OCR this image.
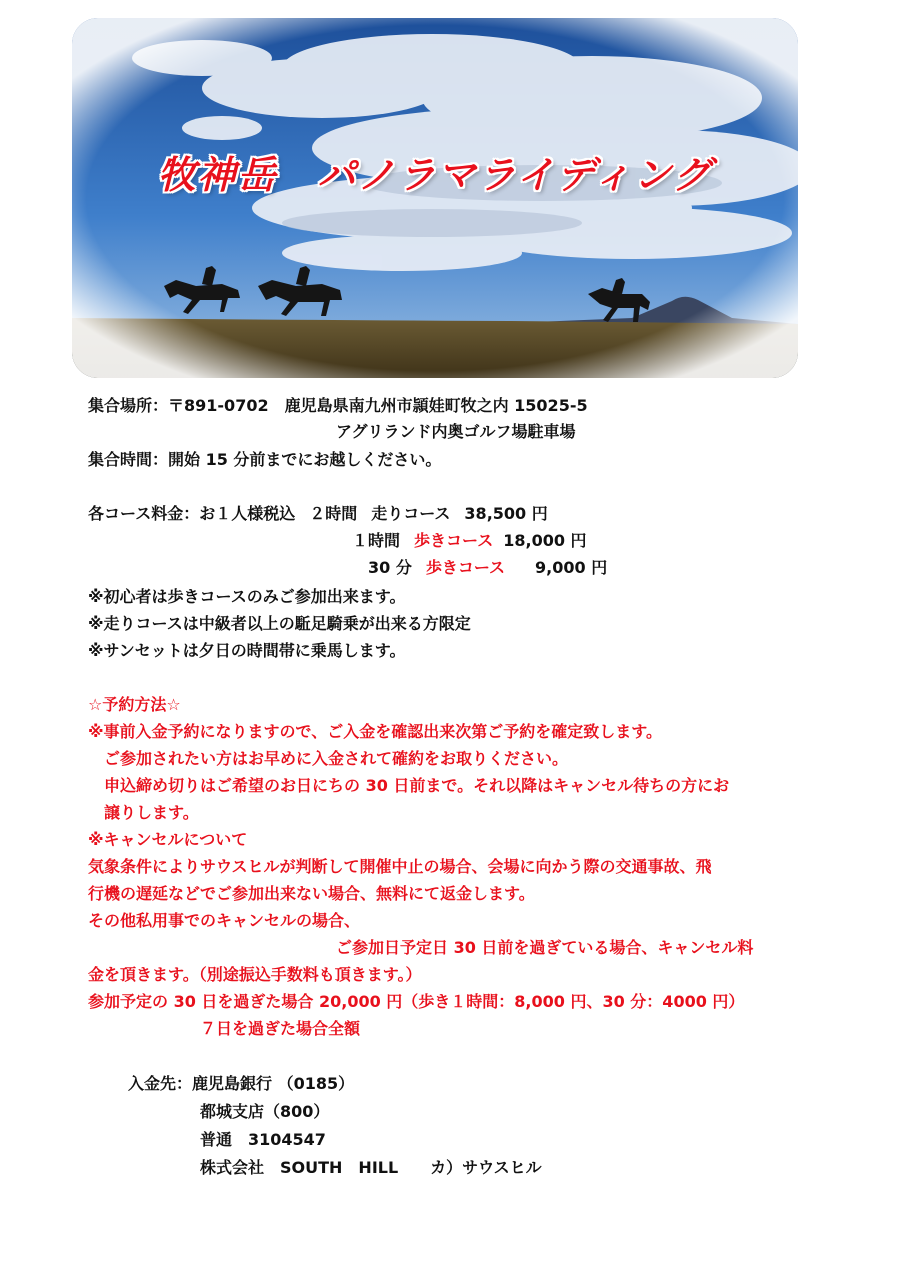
牧神岳　パノラマライディング
集合場所：〒891-0702　鹿児島県南九州市頴娃町牧之内 15025-5
アグリランド内奥ゴルフ場駐車場
集合時間：開始 15 分前までにお越しください。
各コース料金：お１人様税込 ２時間 走りコース 38,500 円
１時間 歩きコース 18,000 円
30 分 歩きコース 9,000 円
※初心者は歩きコースのみご参加出来ます。
※走りコースは中級者以上の駈足騎乗が出来る方限定
※サンセットは夕日の時間帯に乗馬します。
☆予約方法☆
※事前入金予約になりますので、ご入金を確認出来次第ご予約を確定致します。
　ご参加されたい方はお早めに入金されて確約をお取りください。
　申込締め切りはご希望のお日にちの 30 日前まで。それ以降はキャンセル待ちの方にお
　譲りします。
※キャンセルについて
気象条件によりサウスヒルが判断して開催中止の場合、会場に向かう際の交通事故、飛
行機の遅延などでご参加出来ない場合、無料にて返金します。
その他私用事でのキャンセルの場合、
ご参加日予定日 30 日前を過ぎている場合、キャンセル料
金を頂きます。（別途振込手数料も頂きます。）
参加予定の 30 日を過ぎた場合 20,000 円（歩き１時間：8,000 円、30 分：4000 円）
７日を過ぎた場合全額
入金先：鹿児島銀行 （0185）
都城支店（800）
普通　3104547
株式会社　SOUTH　HILL　　カ）サウスヒル
